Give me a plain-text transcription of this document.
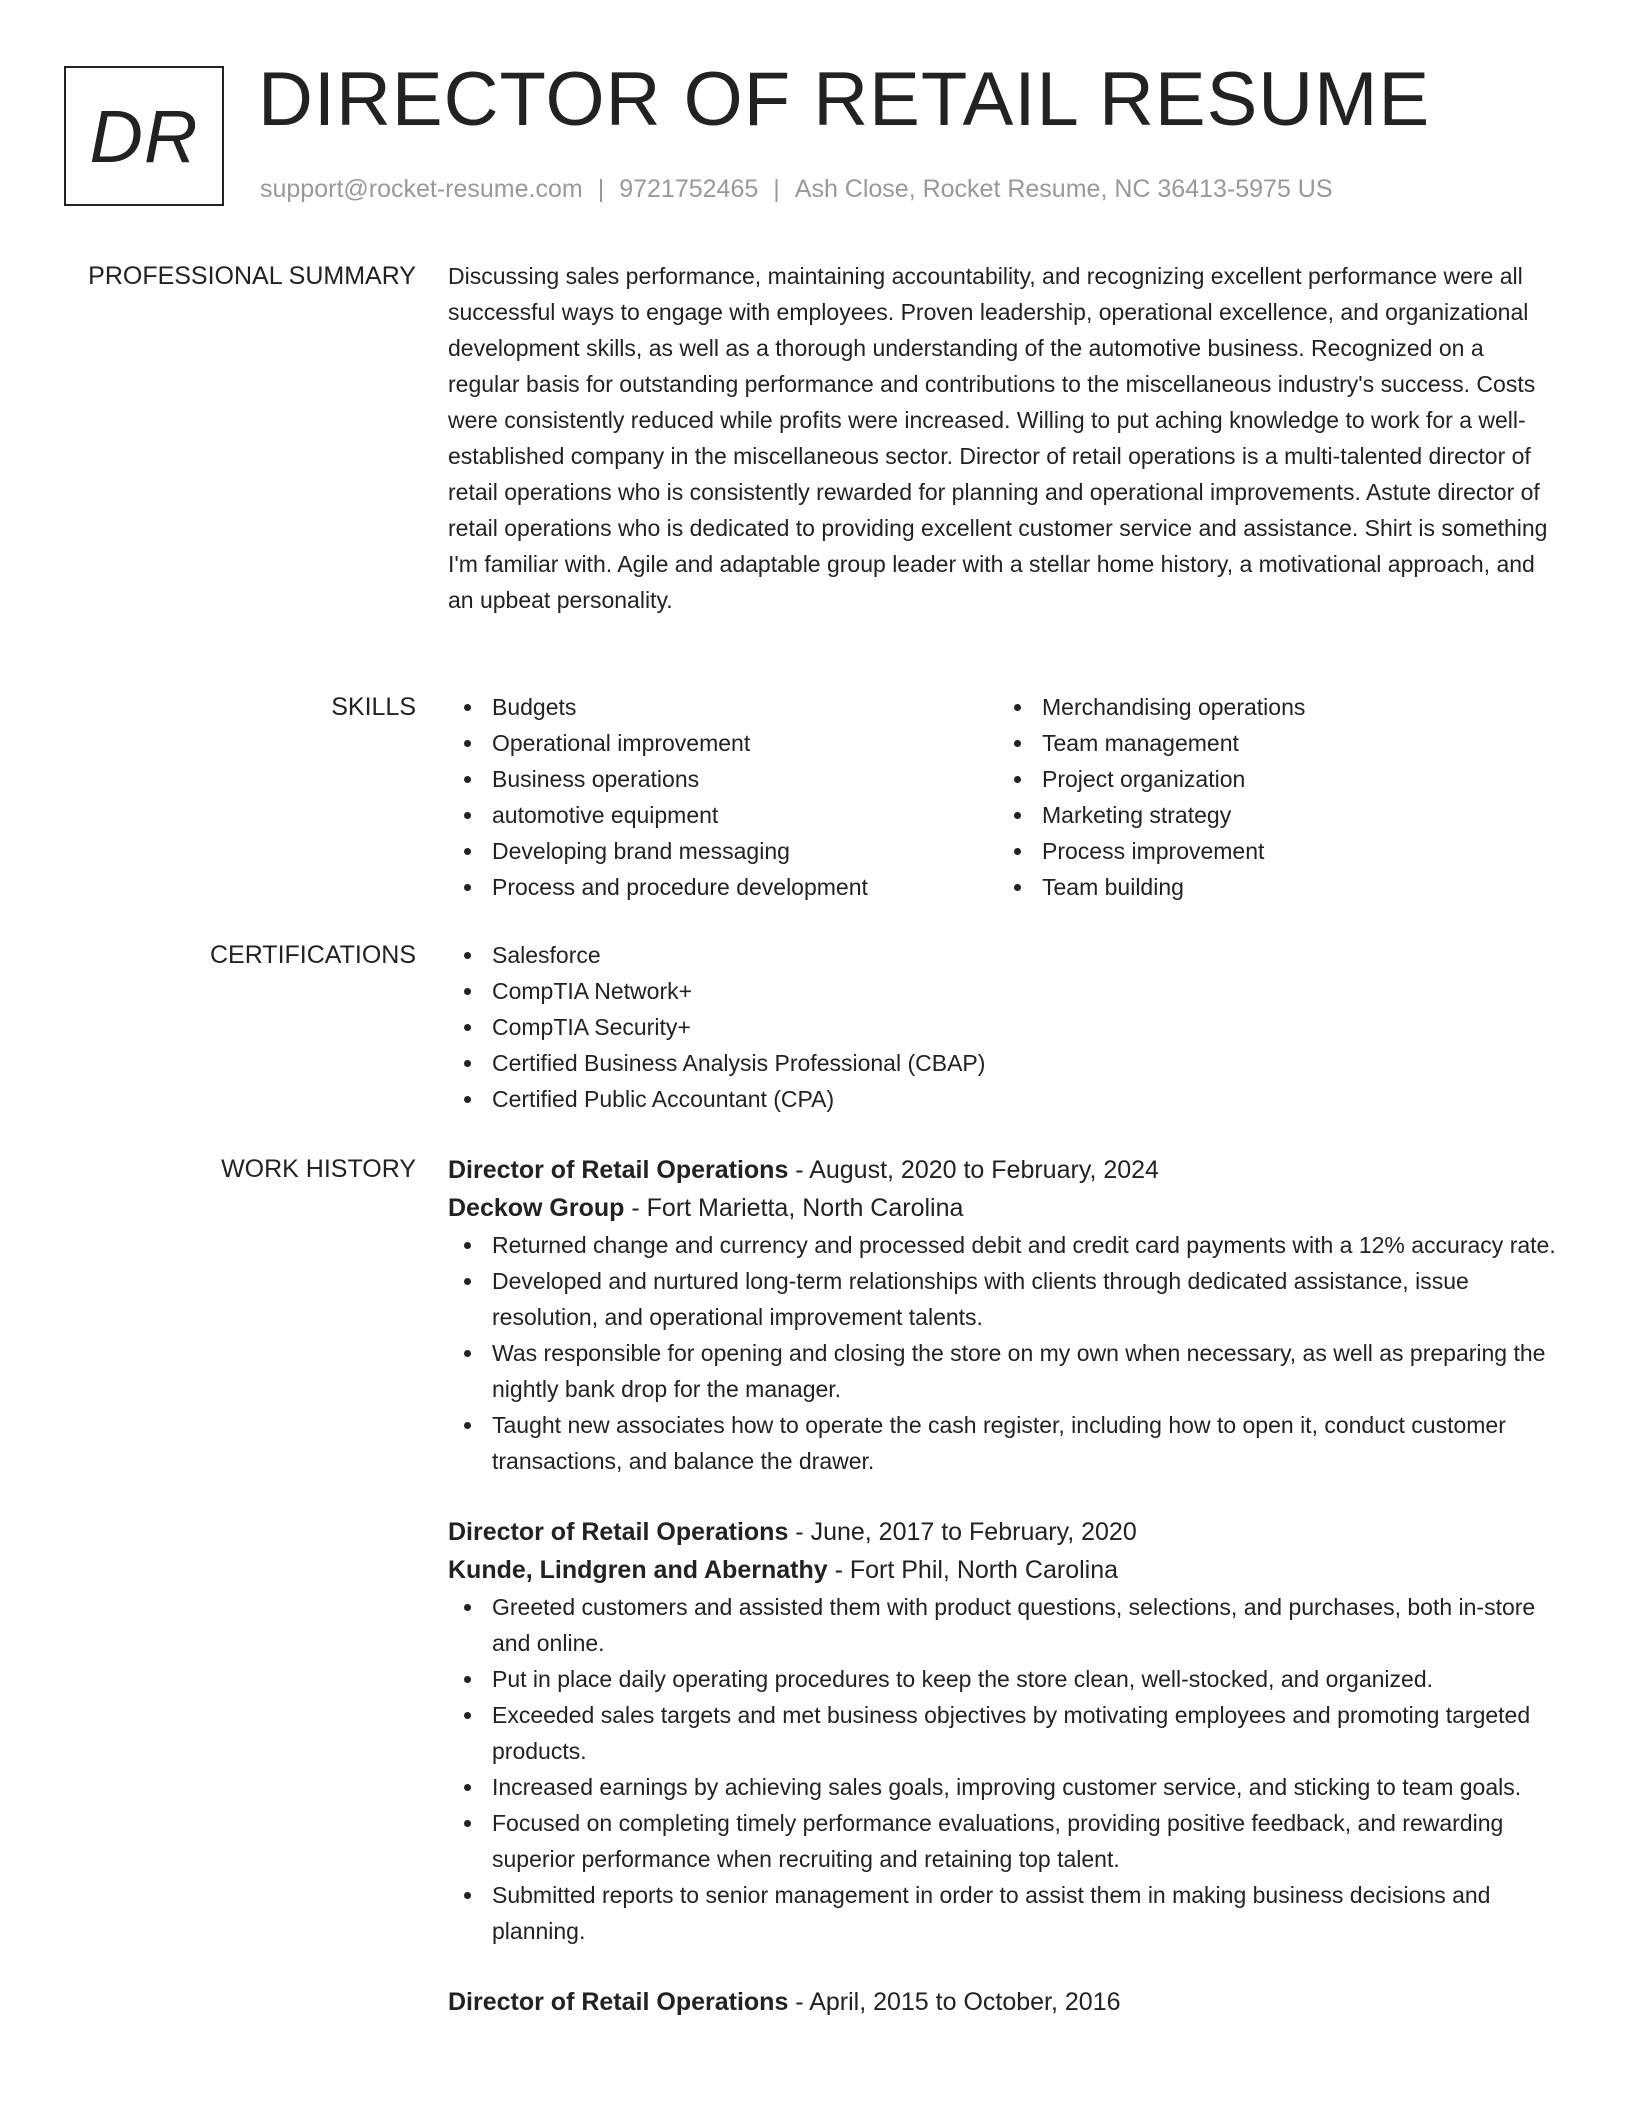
DR DIRECTOR OF RETAIL RESUME
support@rocket-resume.com | 9721752465 | Ash Close, Rocket Resume, NC 36413-5975 US
PROFESSIONAL SUMMARY Discussing sales performance, maintaining accountability, and recognizing excellent performance were all successful ways to engage with employees. Proven leadership, operational excellence, and organizational development skills, as well as a thorough understanding of the automotive business. Recognized on a regular basis for outstanding performance and contributions to the miscellaneous industry's success. Costs were consistently reduced while profits were increased. Willing to put aching knowledge to work for a well-established company in the miscellaneous sector. Director of retail operations is a multi-talented director of retail operations who is consistently rewarded for planning and operational improvements. Astute director of retail operations who is dedicated to providing excellent customer service and assistance. Shirt is something I'm familiar with. Agile and adaptable group leader with a stellar home history, a motivational approach, and an upbeat personality.

SKILLS	Budgets
Operational improvement
Business operations
automotive equipment
Developing brand messaging
Process and procedure development
Merchandising operations
Team management
Project organization
Marketing strategy
Process improvement
Team building
CERTIFICATIONS	Salesforce
CompTIA Network+
CompTIA Security+
Certified Business Analysis Professional (CBAP)
Certified Public Accountant (CPA)
WORK HISTORY Director of Retail Operations - August, 2020 to February, 2024
Deckow Group - Fort Marietta, North Carolina
Returned change and currency and processed debit and credit card payments with a 12% accuracy rate.
Developed and nurtured long-term relationships with clients through dedicated assistance, issue resolution, and operational improvement talents.
Was responsible for opening and closing the store on my own when necessary, as well as preparing the nightly bank drop for the manager.
Taught new associates how to operate the cash register, including how to open it, conduct customer transactions, and balance the drawer.
Director of Retail Operations - June, 2017 to February, 2020
Kunde, Lindgren and Abernathy - Fort Phil, North Carolina
Greeted customers and assisted them with product questions, selections, and purchases, both in-store and online.
Put in place daily operating procedures to keep the store clean, well-stocked, and organized.
Exceeded sales targets and met business objectives by motivating employees and promoting targeted products.
Increased earnings by achieving sales goals, improving customer service, and sticking to team goals.
Focused on completing timely performance evaluations, providing positive feedback, and rewarding superior performance when recruiting and retaining top talent.
Submitted reports to senior management in order to assist them in making business decisions and planning.
Director of Retail Operations - April, 2015 to October, 2016
